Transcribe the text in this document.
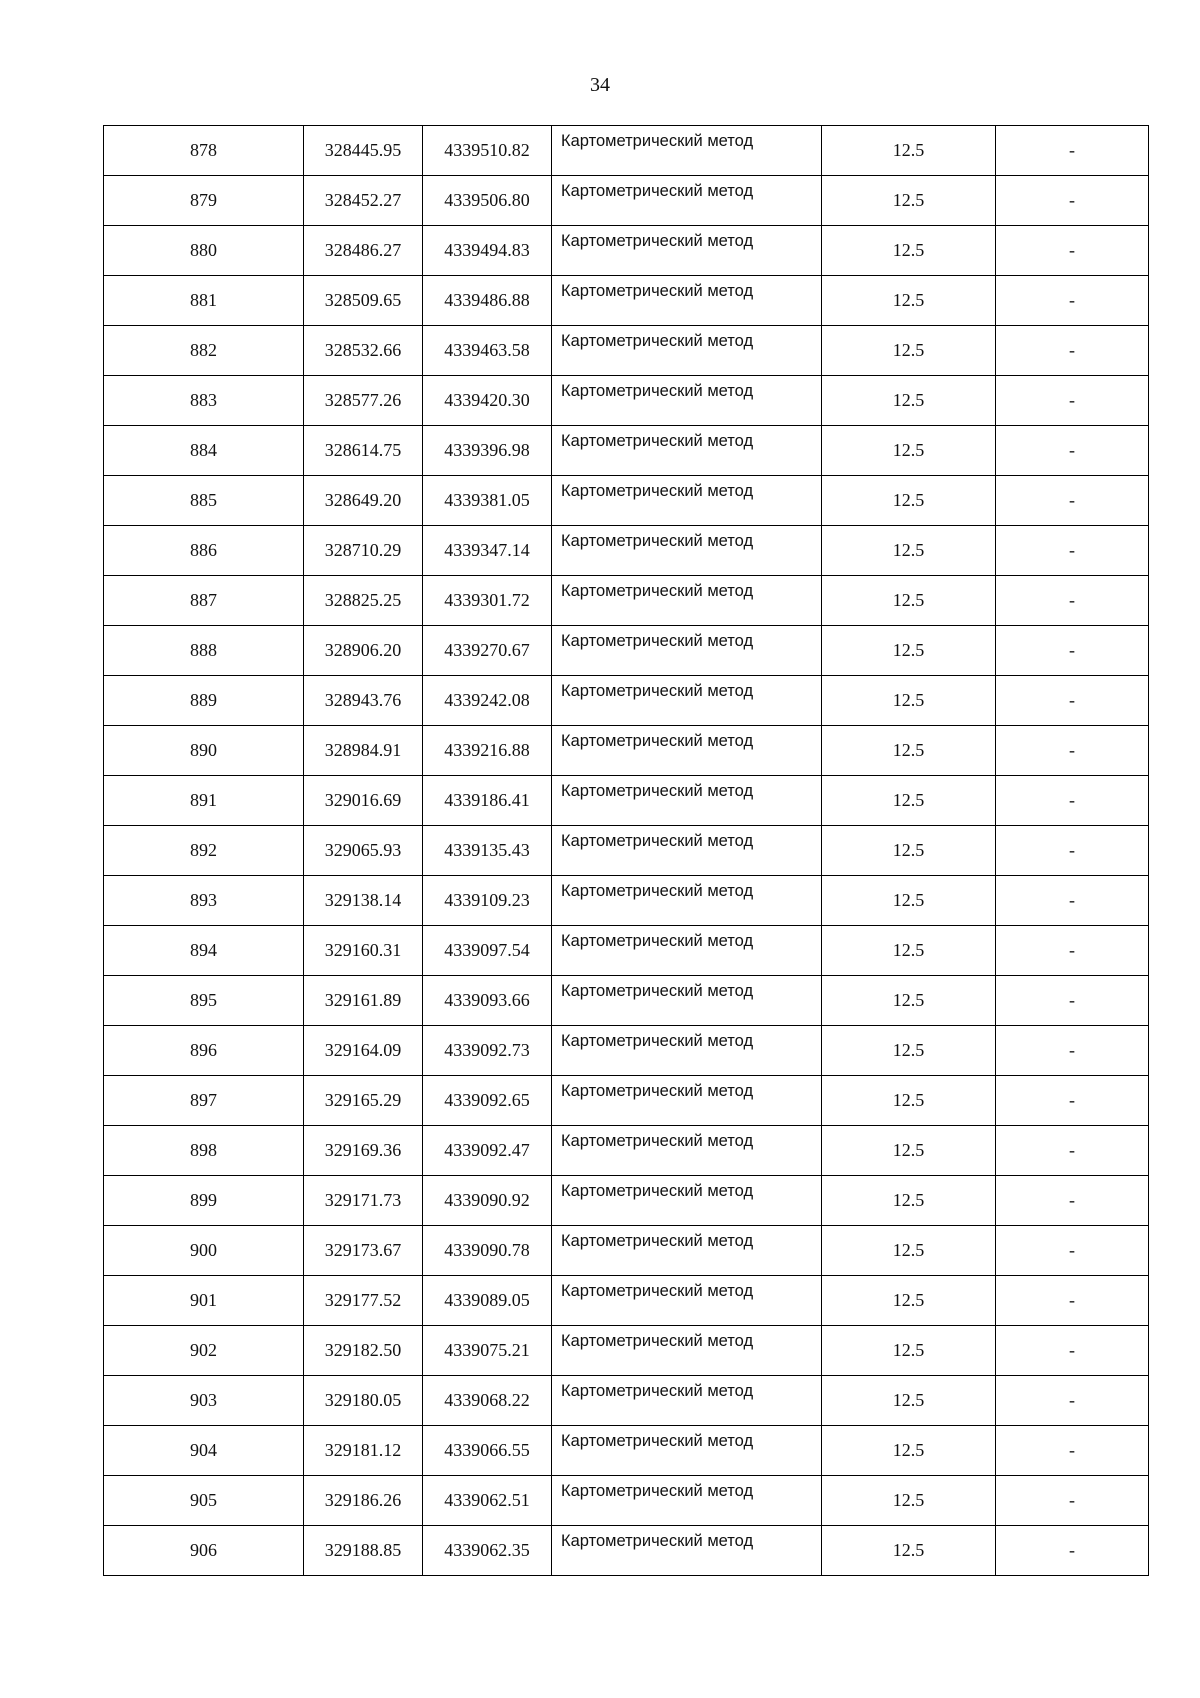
34
878	328445.95	4339510.82	Картометрический метод	12.5	-
879	328452.27	4339506.80	Картометрический метод	12.5	-
880	328486.27	4339494.83	Картометрический метод	12.5	-
881	328509.65	4339486.88	Картометрический метод	12.5	-
882	328532.66	4339463.58	Картометрический метод	12.5	-
883	328577.26	4339420.30	Картометрический метод	12.5	-
884	328614.75	4339396.98	Картометрический метод	12.5	-
885	328649.20	4339381.05	Картометрический метод	12.5	-
886	328710.29	4339347.14	Картометрический метод	12.5	-
887	328825.25	4339301.72	Картометрический метод	12.5	-
888	328906.20	4339270.67	Картометрический метод	12.5	-
889	328943.76	4339242.08	Картометрический метод	12.5	-
890	328984.91	4339216.88	Картометрический метод	12.5	-
891	329016.69	4339186.41	Картометрический метод	12.5	-
892	329065.93	4339135.43	Картометрический метод	12.5	-
893	329138.14	4339109.23	Картометрический метод	12.5	-
894	329160.31	4339097.54	Картометрический метод	12.5	-
895	329161.89	4339093.66	Картометрический метод	12.5	-
896	329164.09	4339092.73	Картометрический метод	12.5	-
897	329165.29	4339092.65	Картометрический метод	12.5	-
898	329169.36	4339092.47	Картометрический метод	12.5	-
899	329171.73	4339090.92	Картометрический метод	12.5	-
900	329173.67	4339090.78	Картометрический метод	12.5	-
901	329177.52	4339089.05	Картометрический метод	12.5	-
902	329182.50	4339075.21	Картометрический метод	12.5	-
903	329180.05	4339068.22	Картометрический метод	12.5	-
904	329181.12	4339066.55	Картометрический метод	12.5	-
905	329186.26	4339062.51	Картометрический метод	12.5	-
906	329188.85	4339062.35	Картометрический метод	12.5	-
